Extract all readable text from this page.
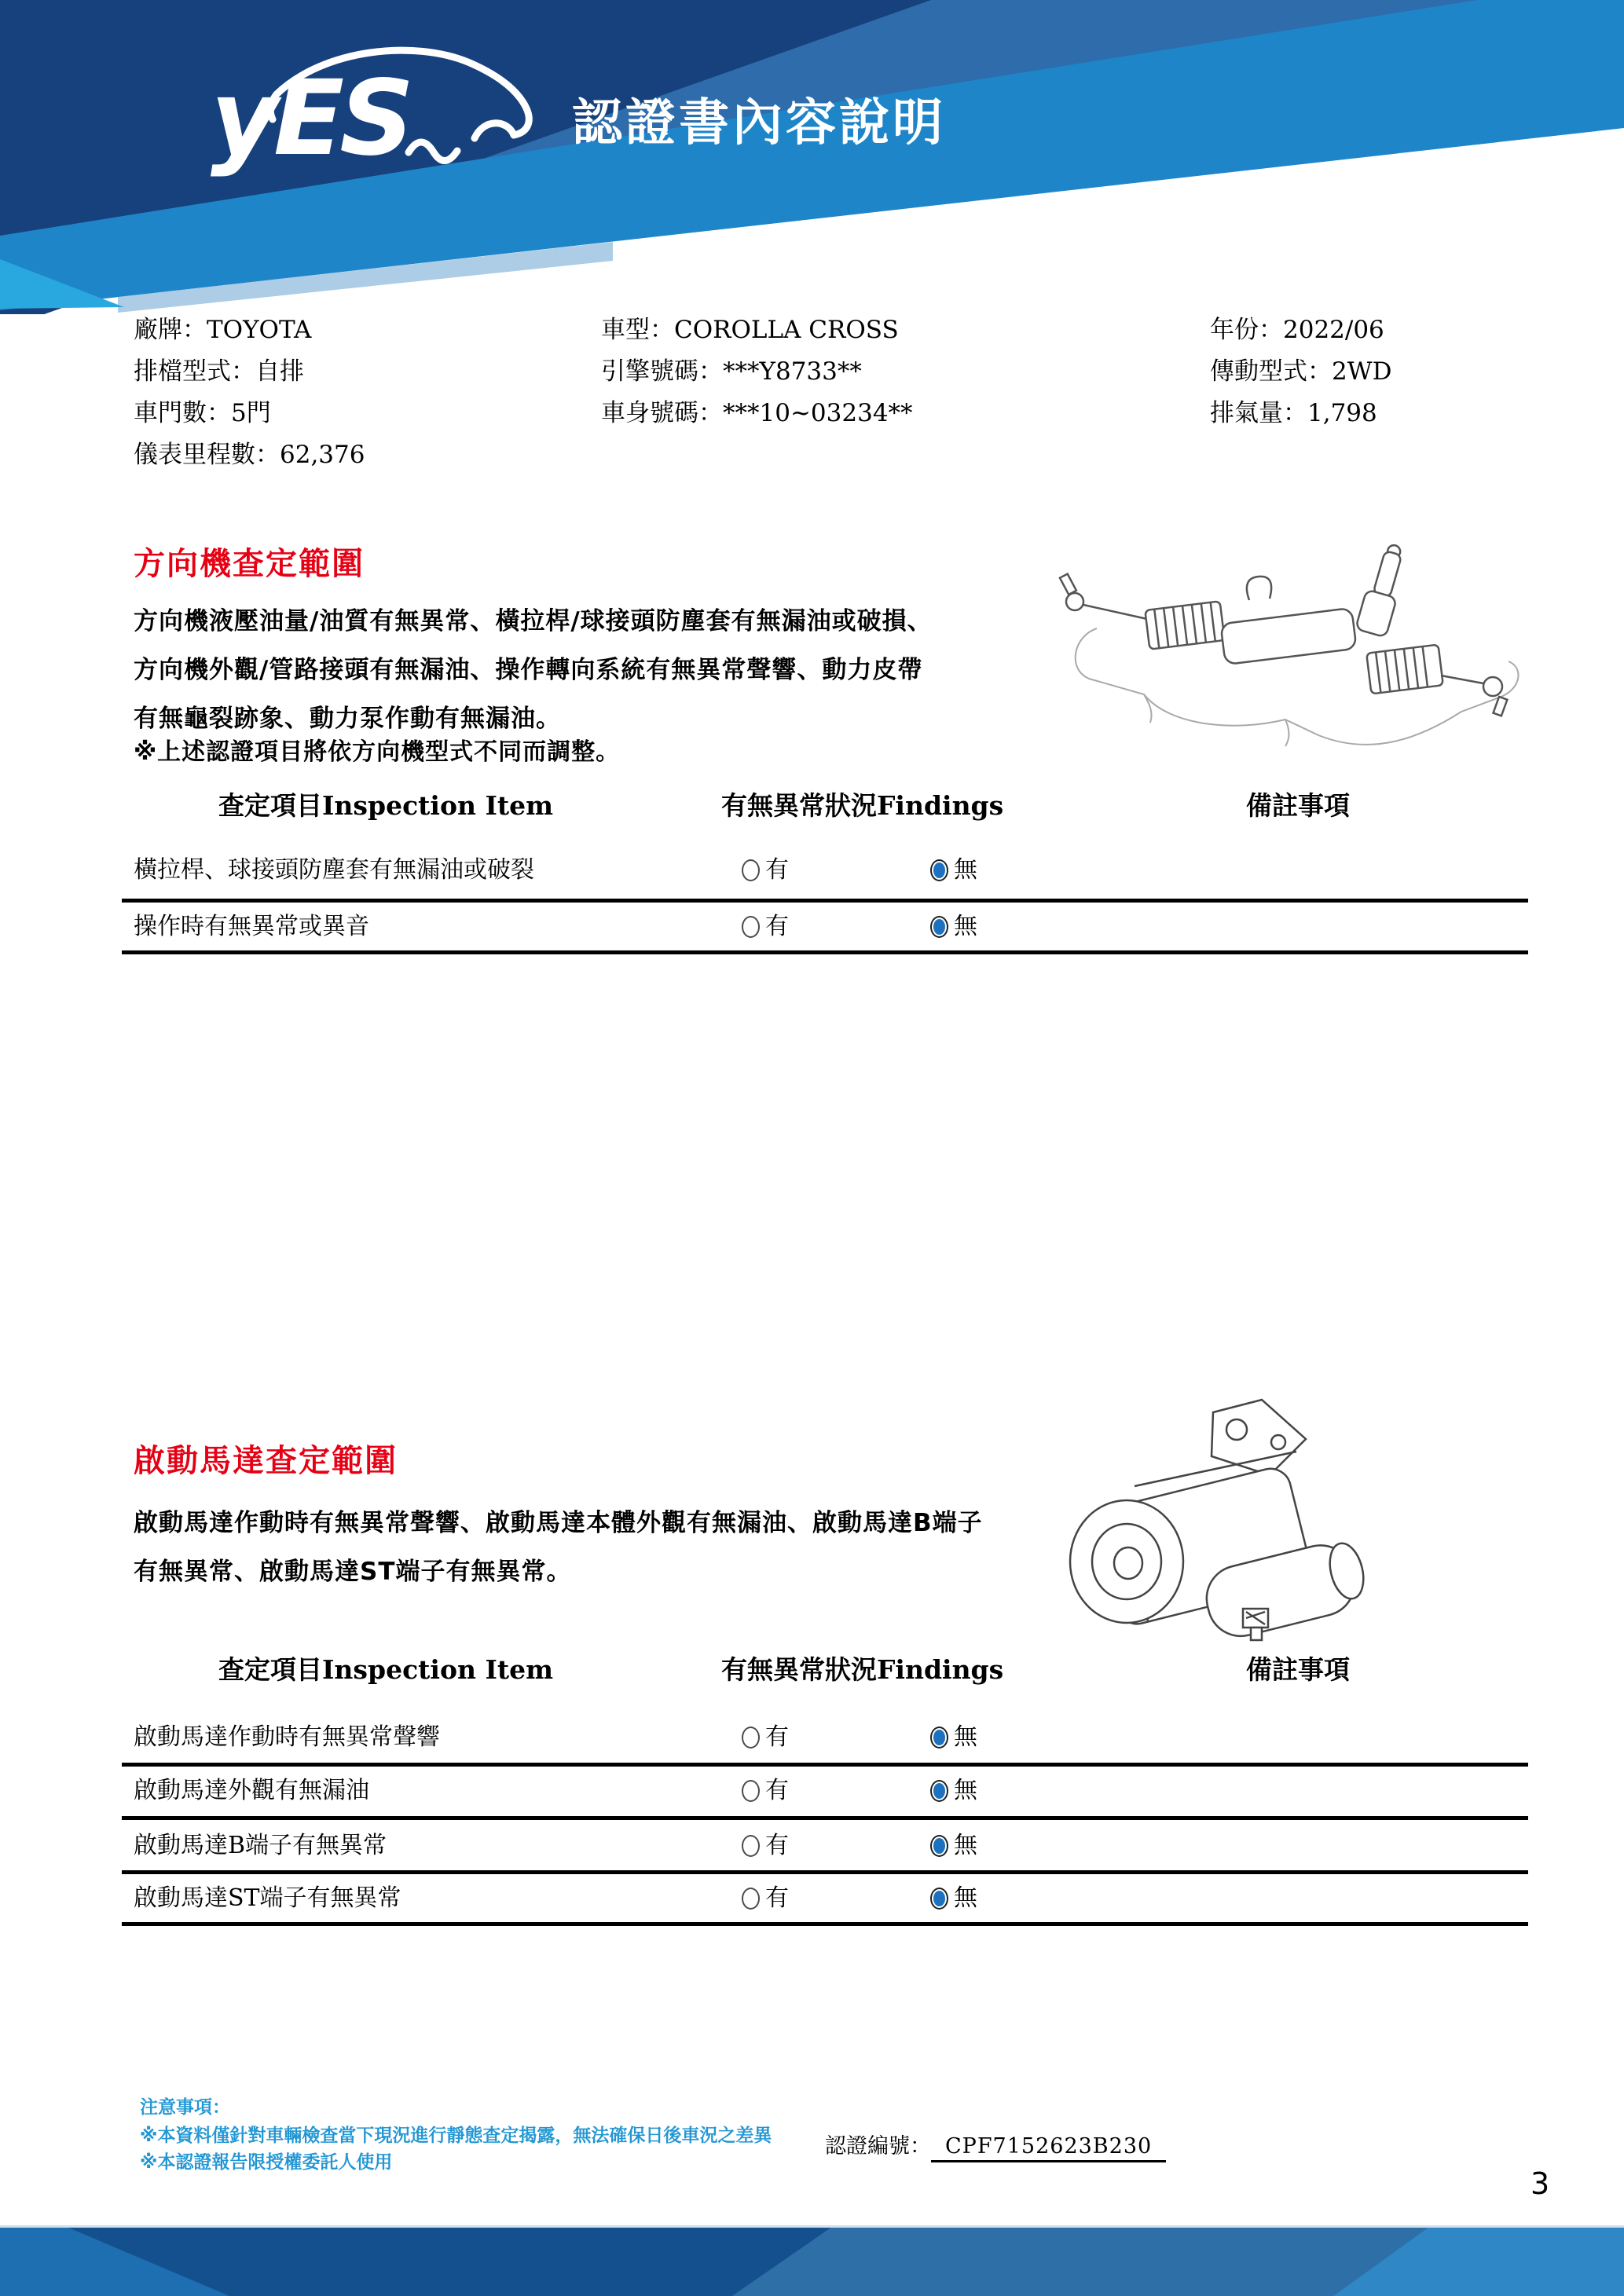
yES	認證書內容說明
廠牌：TOYOTA
排檔型式：自排
車門數：5門
儀表里程數：62,376
車型：COROLLA CROSS
引擎號碼：***Y8733**
車身號碼：***10~03234**
年份：2022/06
傳動型式：2WD
排氣量：1,798
方向機查定範圍
方向機液壓油量/油質有無異常、橫拉桿/球接頭防塵套有無漏油或破損、
方向機外觀/管路接頭有無漏油、操作轉向系統有無異常聲響、動力皮帶
有無龜裂跡象、動力泵作動有無漏油。
※上述認證項目將依方向機型式不同而調整。
查定項目Inspection Item	有無異常狀況Findings	備註事項
橫拉桿、球接頭防塵套有無漏油或破裂	有	無
操作時有無異常或異音	有	無
啟動馬達查定範圍
啟動馬達作動時有無異常聲響、啟動馬達本體外觀有無漏油、啟動馬達B端子
有無異常、啟動馬達ST端子有無異常。
查定項目Inspection Item	有無異常狀況Findings	備註事項
啟動馬達作動時有無異常聲響	有	無
啟動馬達外觀有無漏油	有	無
啟動馬達B端子有無異常	有	無
啟動馬達ST端子有無異常	有	無
注意事項：
※本資料僅針對車輛檢查當下現況進行靜態查定揭露，無法確保日後車況之差異
※本認證報告限授權委託人使用
認證編號： CPF7152623B230
3
